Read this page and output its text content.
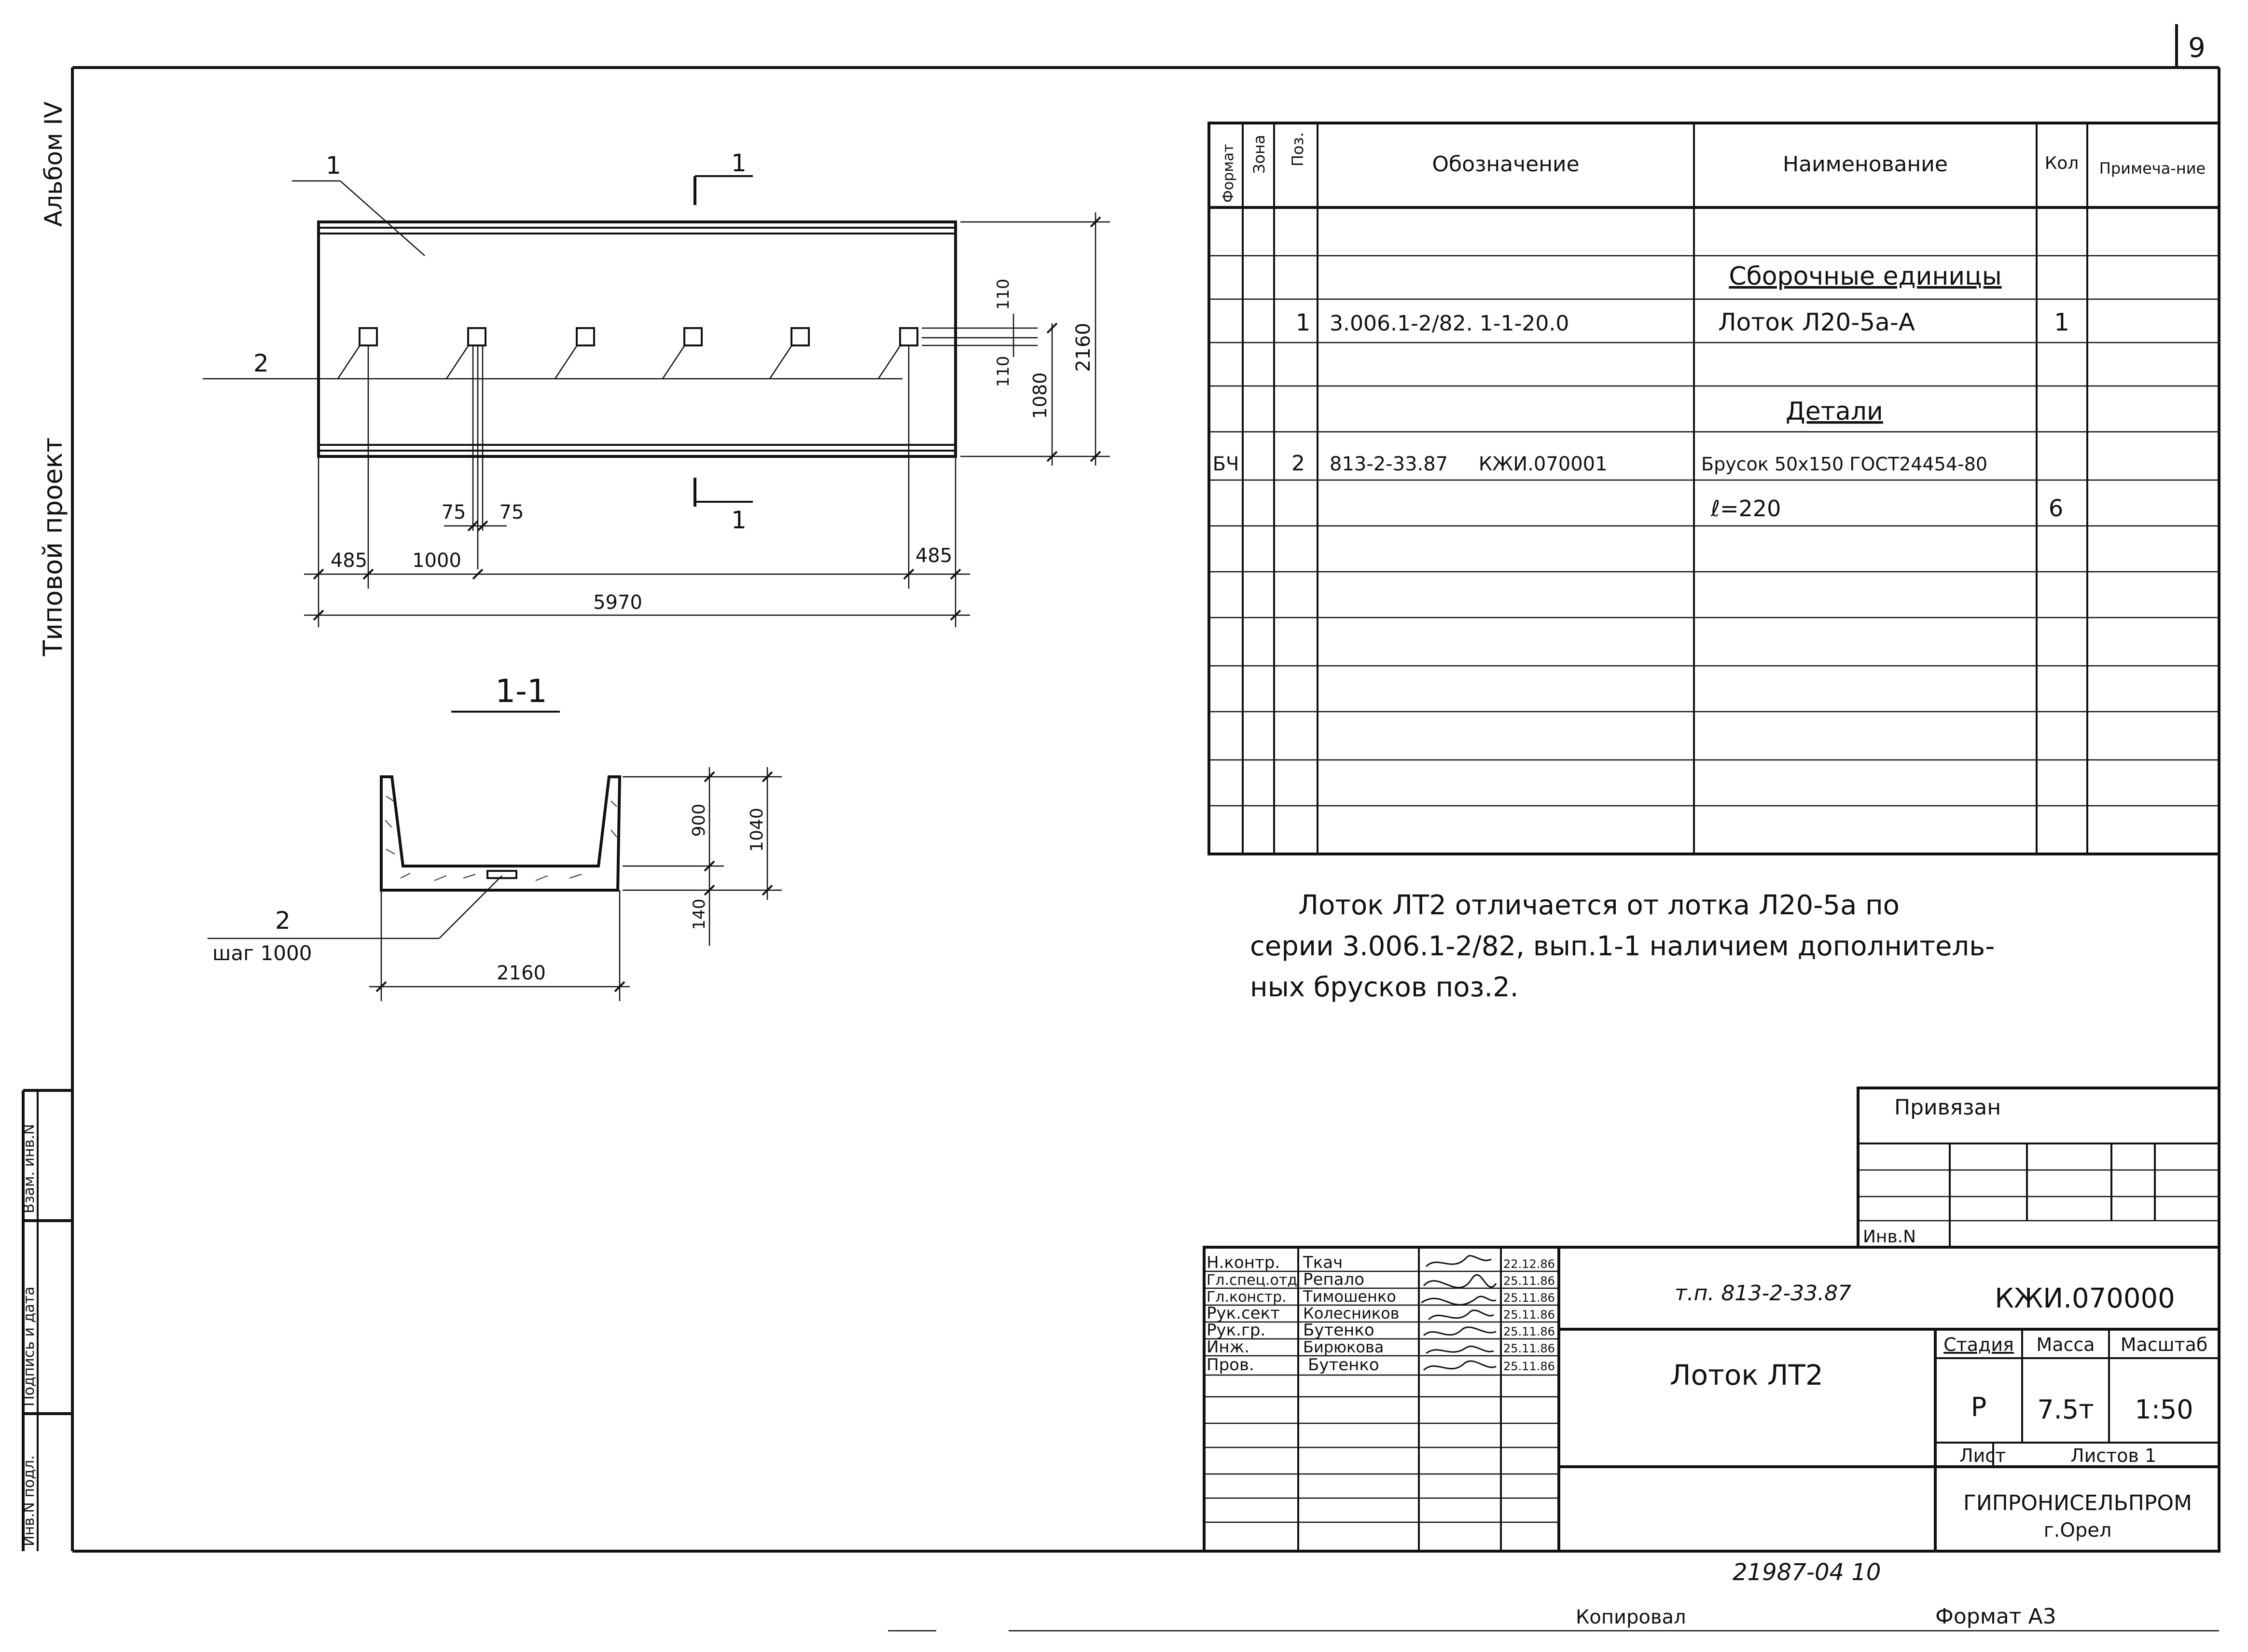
9
Альбом IV
Типовой проект
Взам. инв.N
Подпись и дата
Инв.N подл.
1
2
1
1
5970
485 1000	485
75 75
2160
1080
110
110
1-1
2
шаг 1000
2160
900 1040
140
Формат Зона Поз.	Обозначение	Наименование	Кол Примеча-ние
Сборочные единицы
1 3.006.1-2/82. 1-1-20.0	Лоток Л20-5а-А	1
Детали
БЧ 2 813-2-33.87     КЖИ.070001	Брусок 50х150 ГОСТ24454-80
ℓ=220	6
Лоток ЛТ2 отличается от лотка Л20-5а по
серии 3.006.1-2/82, вып.1-1 наличием дополнитель-
ных брусков поз.2.
Привязан
Инв.N
Н.контр. Ткач	22.12.86
Гл.спец.отд Репало	25.11.86
Гл.констр. Тимошенко	25.11.86
Рук.сект Колесников	25.11.86
Рук.гр. Бутенко	25.11.86
Инж.	Бирюкова	25.11.86
Пров.	Бутенко	25.11.86
т.п. 813-2-33.87	КЖИ.070000
Лоток ЛТ2
Стадия Масса Масштаб
Р 7.5т 1:50
Лист	Листов 1
ГИПРОНИСЕЛЬПРОМ
г.Орел
21987-04 10
Копировал	Формат А3
